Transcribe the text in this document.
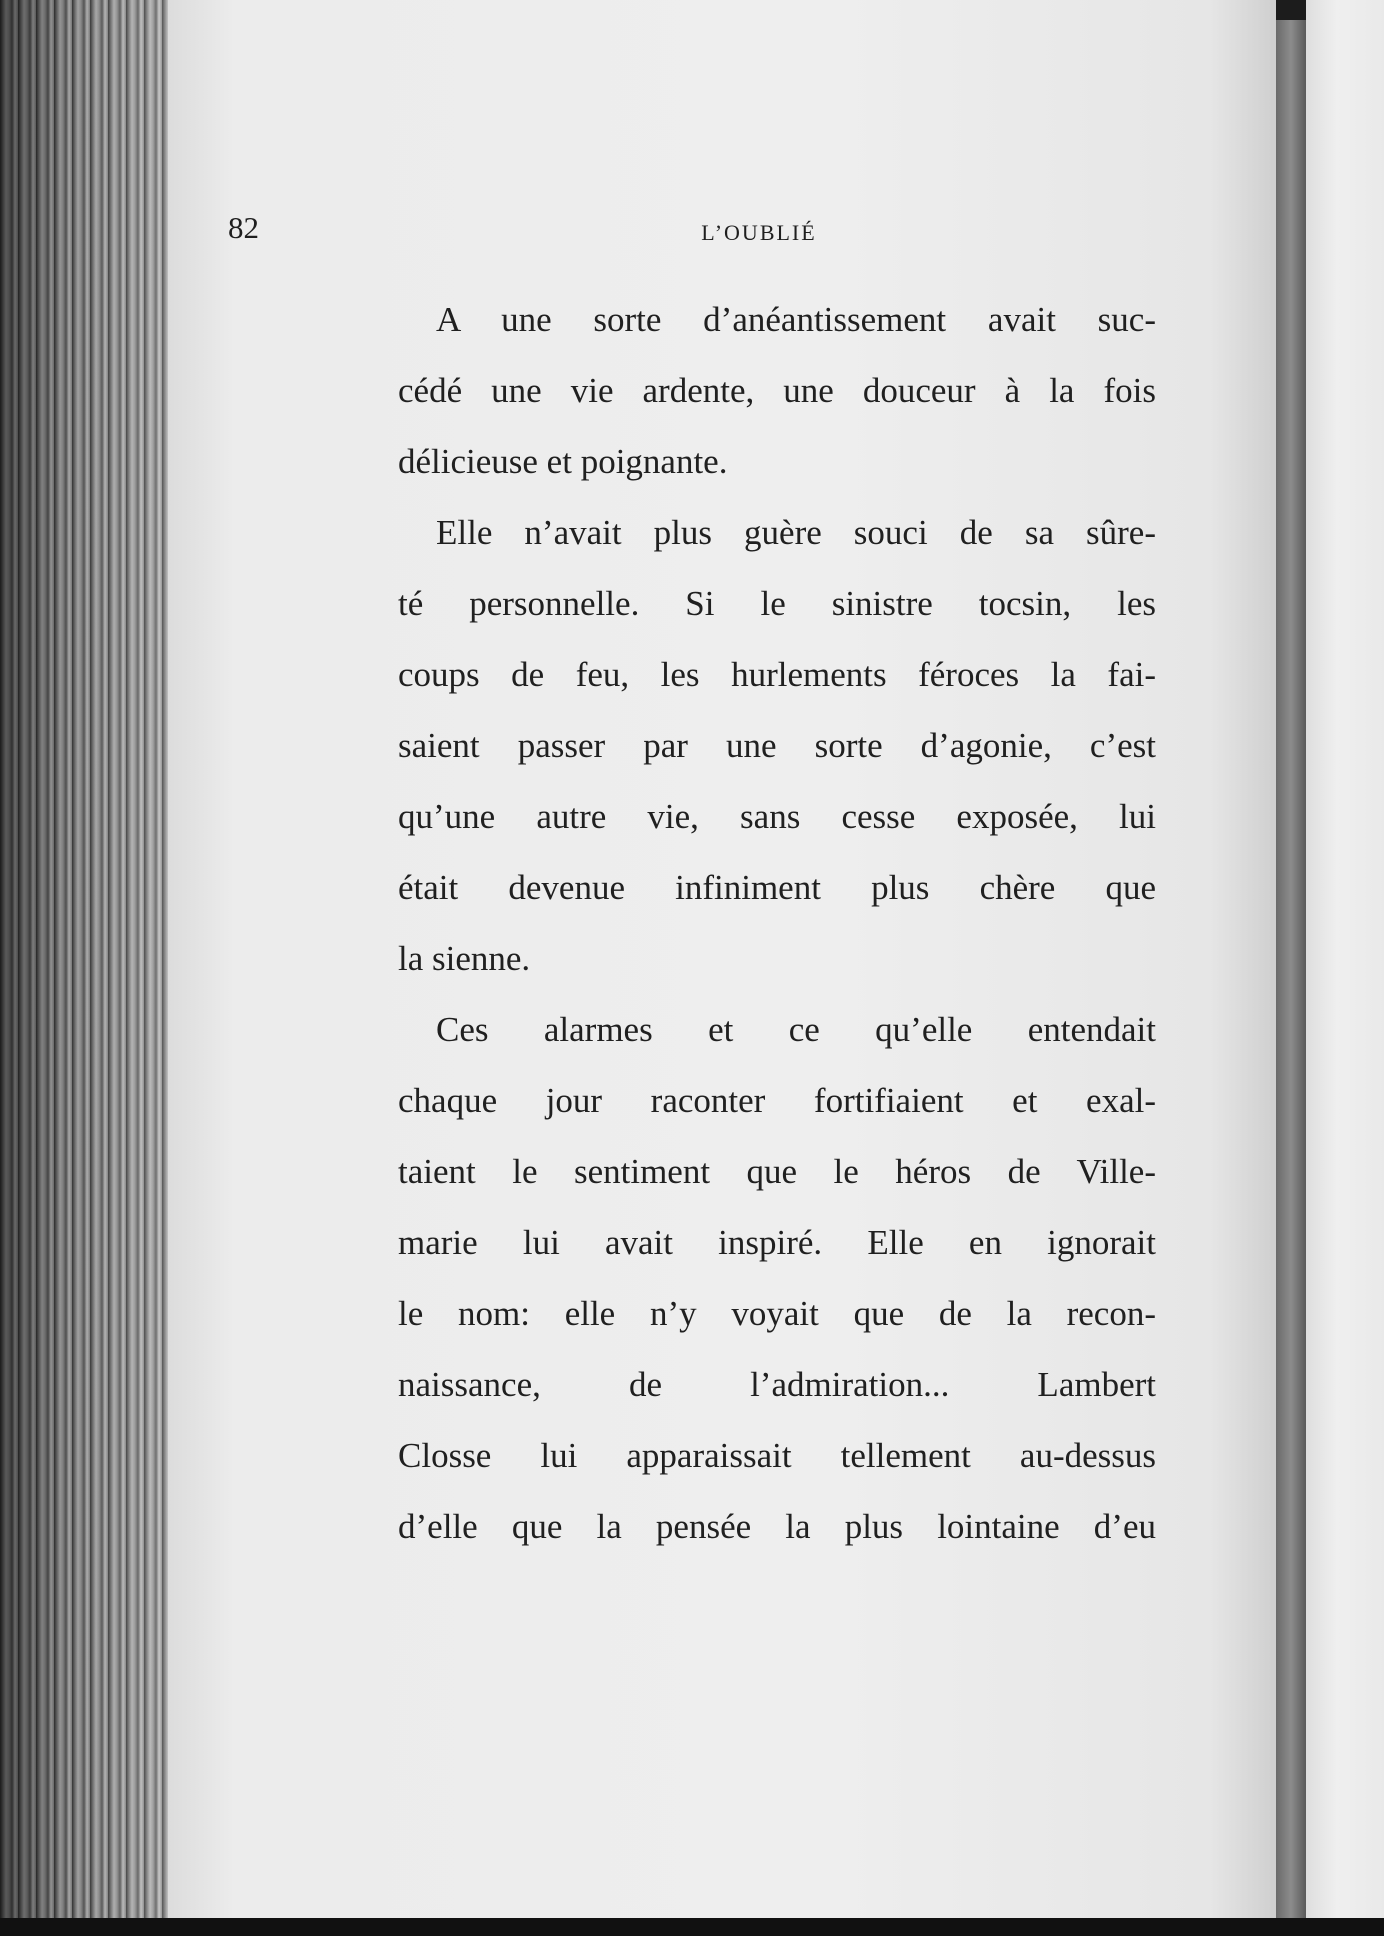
82	L’OUBLIÉ
A une sorte d’anéantissement avait suc-
cédé une vie ardente, une douceur à la fois
délicieuse et poignante.
Elle n’avait plus guère souci de sa sûre-
té personnelle. Si le sinistre tocsin, les
coups de feu, les hurlements féroces la fai-
saient passer par une sorte d’agonie, c’est
qu’une autre vie, sans cesse exposée, lui
était devenue infiniment plus chère que
la sienne.
Ces alarmes et ce qu’elle entendait
chaque jour raconter fortifiaient et exal-
taient le sentiment que le héros de Ville-
marie lui avait inspiré. Elle en ignorait
le nom: elle n’y voyait que de la recon-
naissance, de l’admiration... Lambert
Closse lui apparaissait tellement au-dessus
d’elle que la pensée la plus lointaine d’eu
